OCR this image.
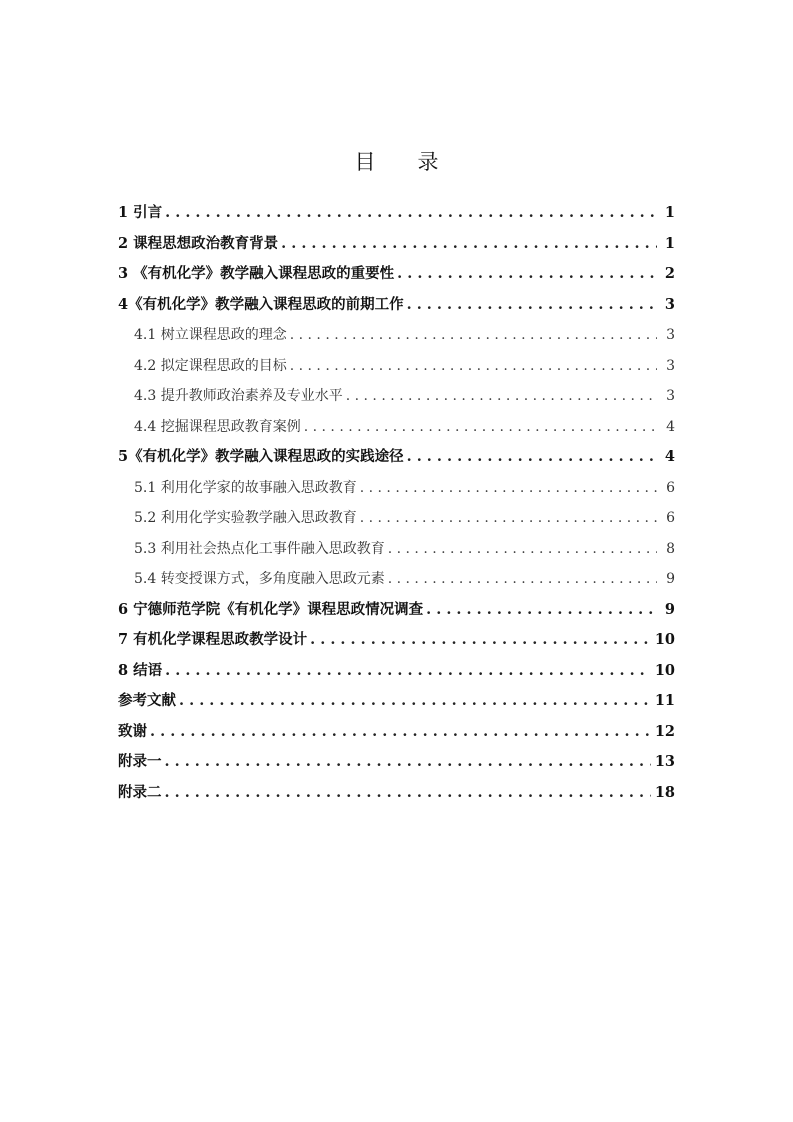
目 录
1 引言 . . .	1
2 课程思想政治教育背景 . . .	1
3 《有机化学》教学融入课程思政的重要性 . . .	2
4《有机化学》教学融入课程思政的前期工作 . . .	3
4.1 树立课程思政的理念 . . .	3
4.2 拟定课程思政的目标 . . .	3
4.3 提升教师政治素养及专业水平 . . .	3
4.4 挖掘课程思政教育案例 . . .	4
5《有机化学》教学融入课程思政的实践途径 . . .	4
5.1 利用化学家的故事融入思政教育 . . .	6
5.2 利用化学实验教学融入思政教育 . . .	6
5.3 利用社会热点化工事件融入思政教育 . . .	8
5.4 转变授课方式，多角度融入思政元素 . . .	9
6 宁德师范学院《有机化学》课程思政情况调查 . . .	9
7 有机化学课程思政教学设计 . . .	10
8 结语 . . .	10
参考文献 . . .	11
致谢 . . .	12
附录一 . . .	13
附录二 . . .	18
